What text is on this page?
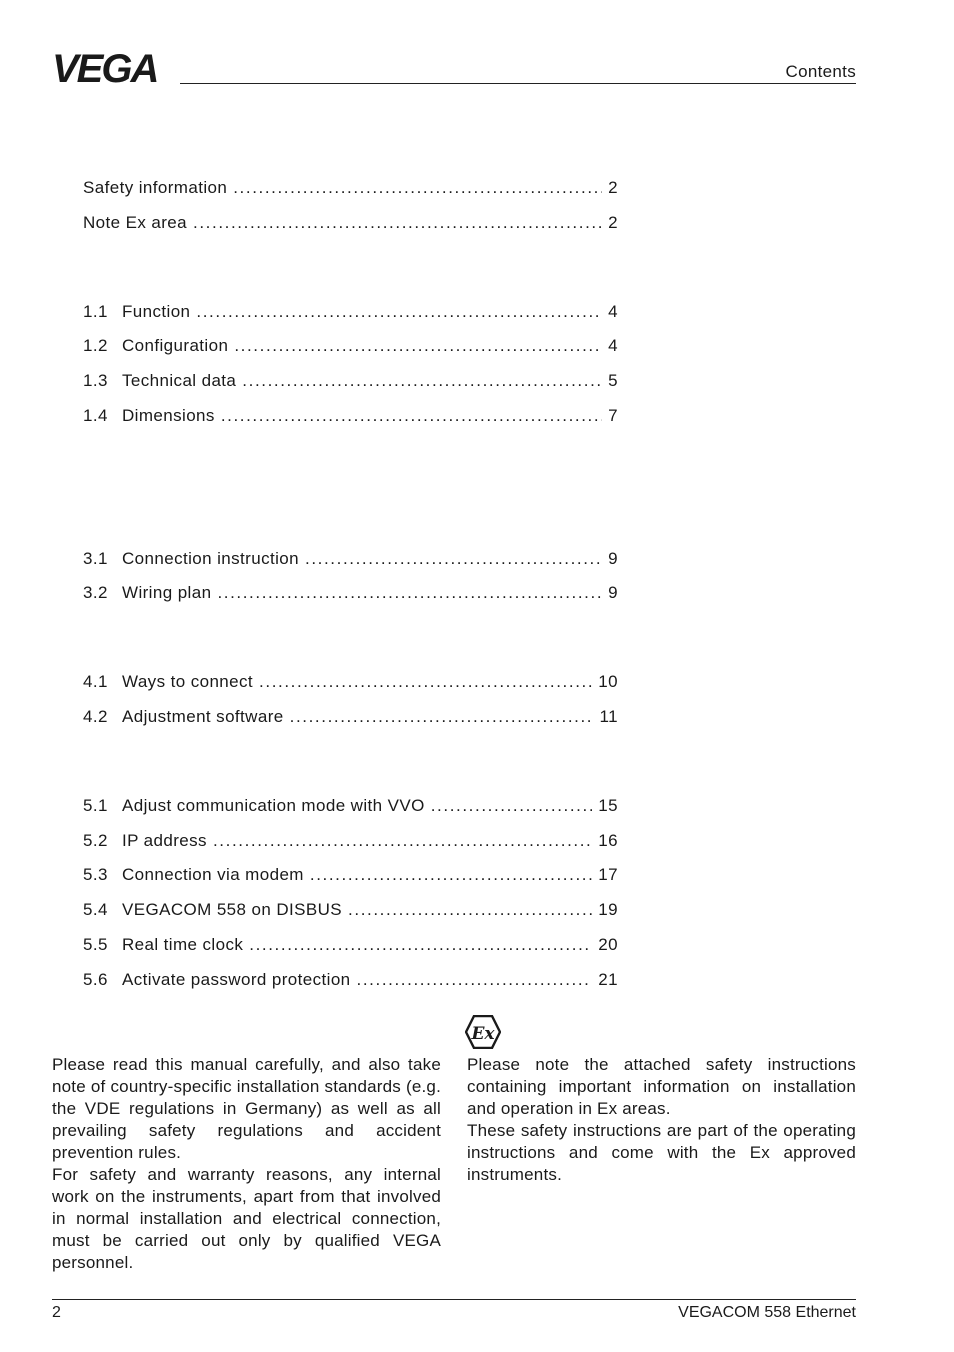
VEGA	Contents
Safety information .....	2
Note Ex area .....	2
1.1 Function .....	4
1.2 Configuration .....	4
1.3 Technical data .....	5
1.4 Dimensions .....	7
3.1 Connection instruction .....	9
3.2 Wiring plan .....	9
4.1 Ways to connect .....	10
4.2 Adjustment software .....	11
5.1 Adjust communication mode with VVO .....	15
5.2 IP address .....	16
5.3 Connection via modem .....	17
5.4 VEGACOM 558 on DISBUS .....	19
5.5 Real time clock .....	20
5.6 Activate password protection .....	21
Ex

Please read this manual carefully, and also take note of country-specific installation standards (e.g. the VDE regulations in Germany) as well as all prevailing safety regulations and accident prevention rules.

For safety and warranty reasons, any internal work on the instruments, apart from that involved in normal installation and electrical connection, must be carried out only by qualified VEGA personnel.

Please note the attached safety instructions containing important information on installation and operation in Ex areas.

These safety instructions are part of the operating instructions and come with the Ex approved instruments.

2	VEGACOM 558 Ethernet
